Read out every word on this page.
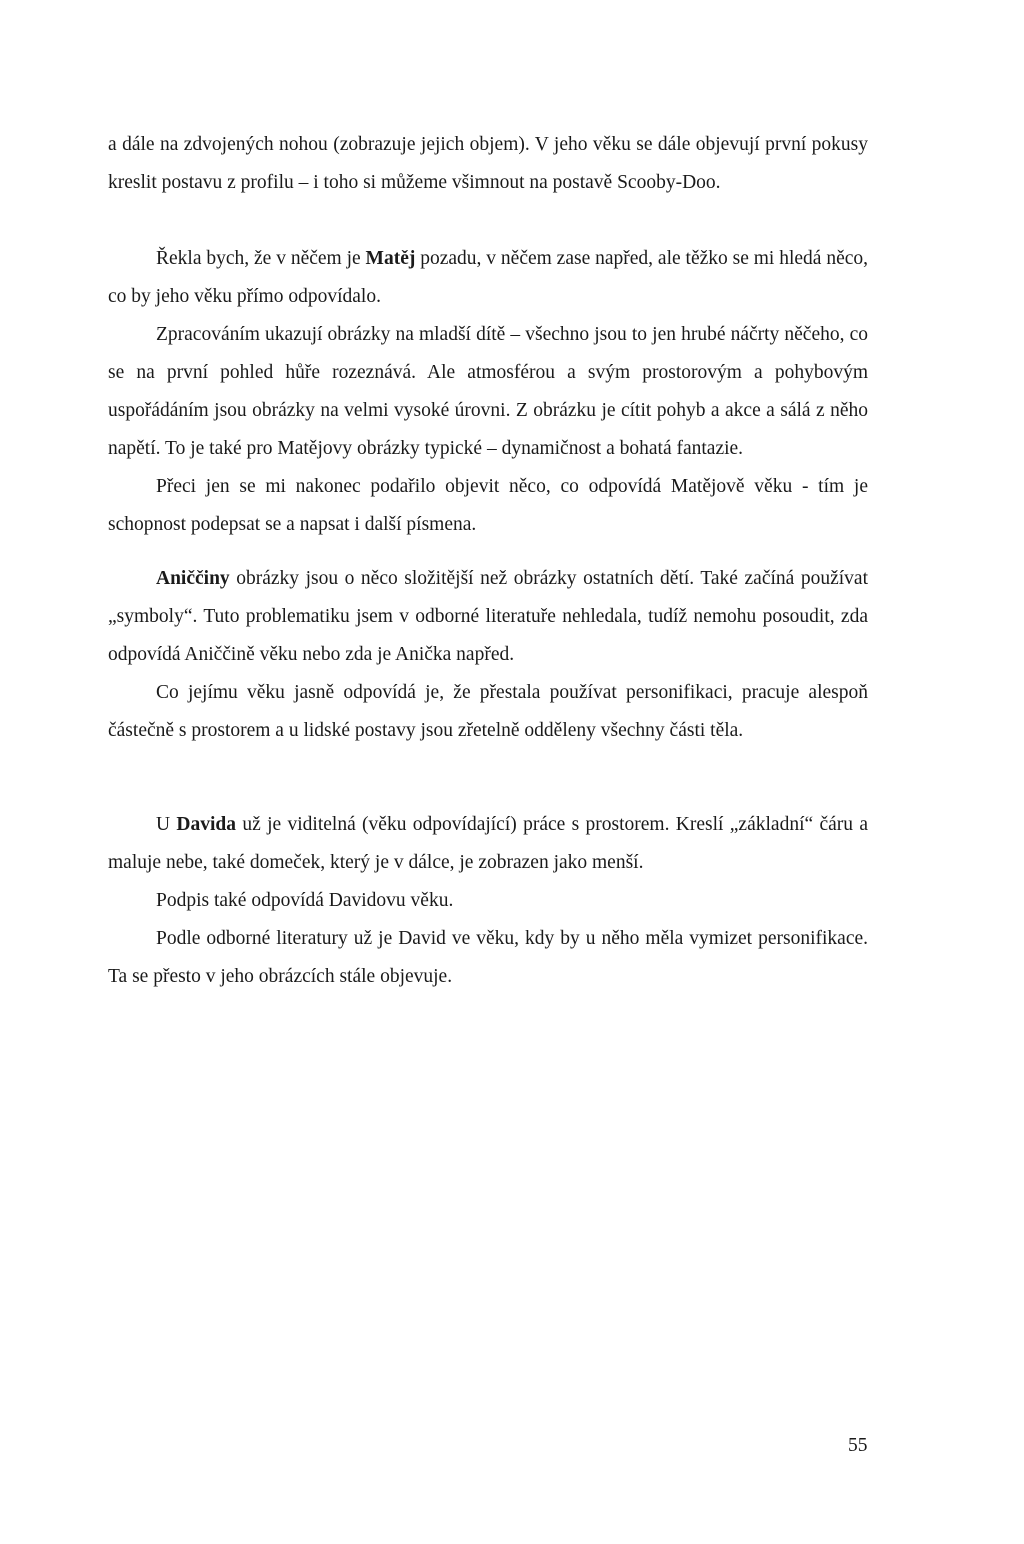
a dále na zdvojených nohou (zobrazuje jejich objem). V jeho věku se dále objevují první pokusy kreslit postavu z profilu – i toho si můžeme všimnout na postavě Scooby-Doo.

Řekla bych, že v něčem je Matěj pozadu, v něčem zase napřed, ale těžko se mi hledá něco, co by jeho věku přímo odpovídalo.

Zpracováním ukazují obrázky na mladší dítě – všechno jsou to jen hrubé náčrty něčeho, co se na první pohled hůře rozeznává. Ale atmosférou a svým prostorovým a pohybovým uspořádáním jsou obrázky na velmi vysoké úrovni. Z obrázku je cítit pohyb a akce a sálá z něho napětí. To je také pro Matějovy obrázky typické – dynamičnost a bohatá fantazie.

Přeci jen se mi nakonec podařilo objevit něco, co odpovídá Matějově věku - tím je schopnost podepsat se a napsat i další písmena.

Aniččiny obrázky jsou o něco složitější než obrázky ostatních dětí. Také začíná používat „symboly“. Tuto problematiku jsem v odborné literatuře nehledala, tudíž nemohu posoudit, zda odpovídá Aniččině věku nebo zda je Anička napřed.

Co jejímu věku jasně odpovídá je, že přestala používat personifikaci, pracuje alespoň částečně s prostorem a u lidské postavy jsou zřetelně odděleny všechny části těla.

U Davida už je viditelná (věku odpovídající) práce s prostorem. Kreslí „základní“ čáru a maluje nebe, také domeček, který je v dálce, je zobrazen jako menší.

Podpis také odpovídá Davidovu věku.

Podle odborné literatury už je David ve věku, kdy by u něho měla vymizet personifikace. Ta se přesto v jeho obrázcích stále objevuje.

55
